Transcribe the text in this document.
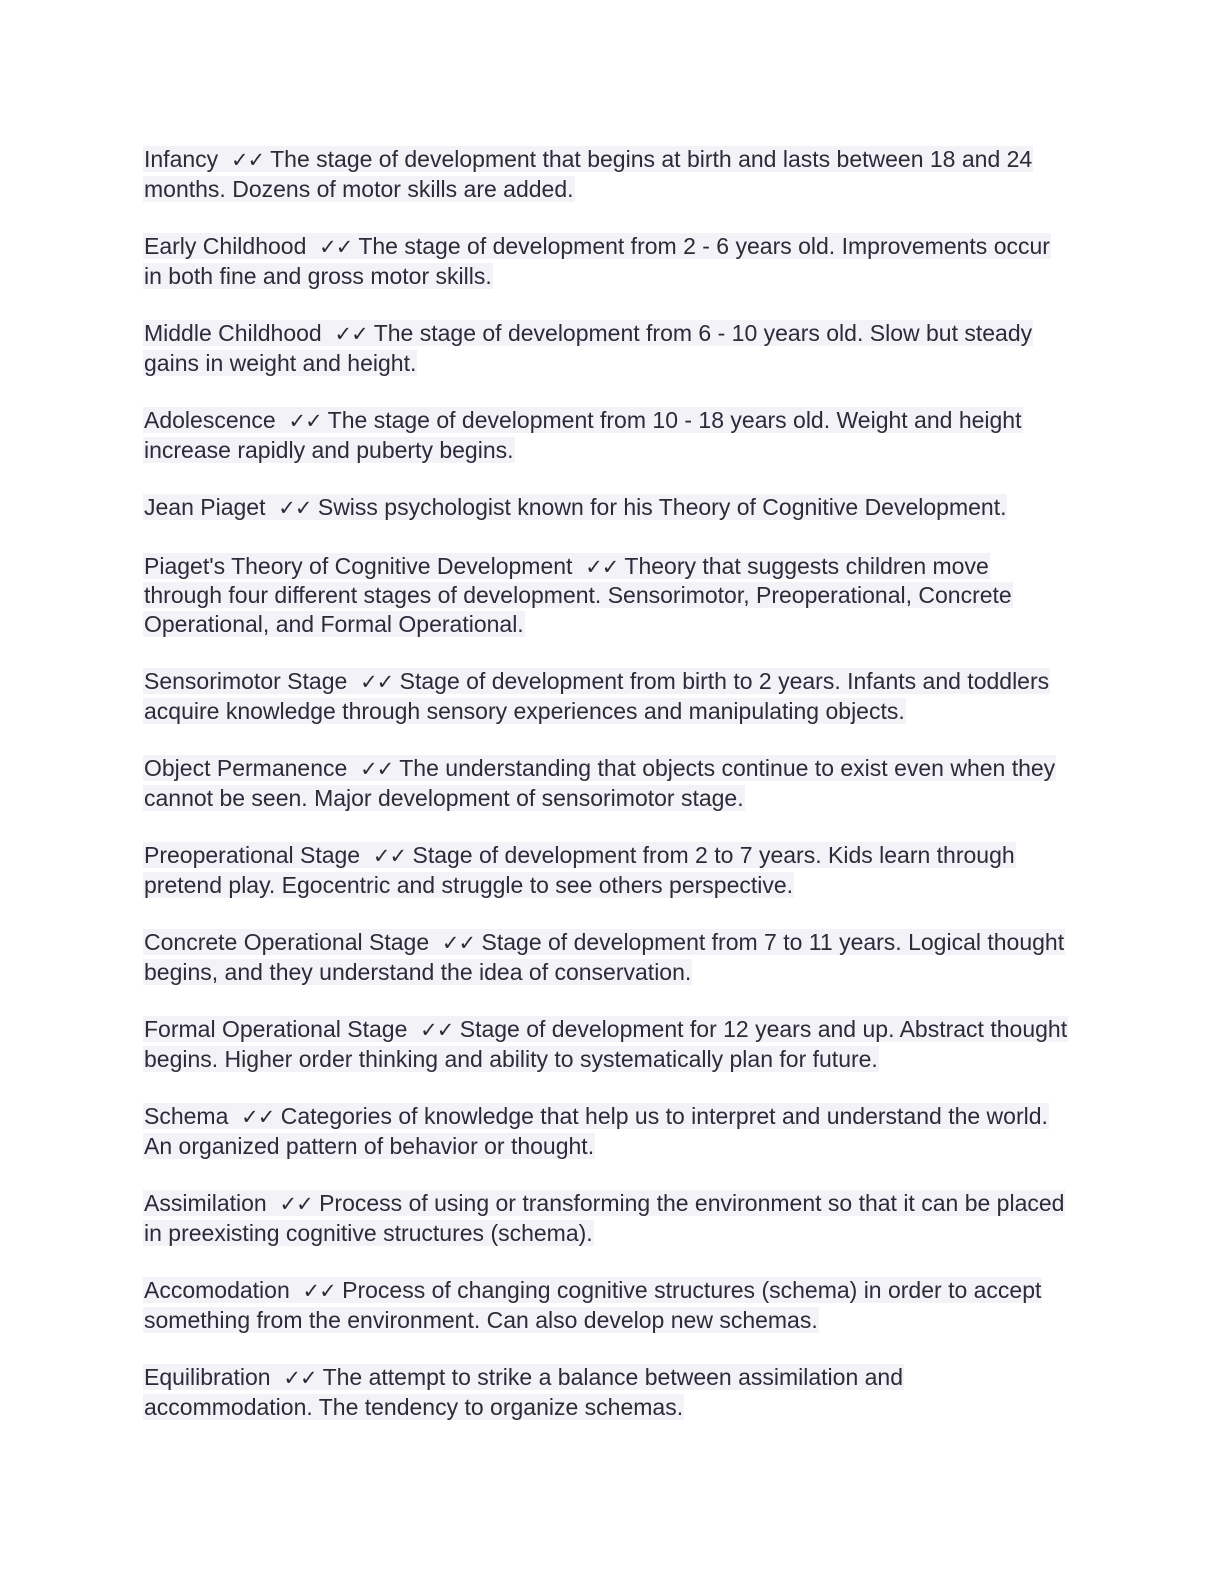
Infancy ✓✓ The stage of development that begins at birth and lasts between 18 and 24 months. Dozens of motor skills are added.
Early Childhood ✓✓ The stage of development from 2 - 6 years old. Improvements occur in both fine and gross motor skills.
Middle Childhood ✓✓ The stage of development from 6 - 10 years old. Slow but steady gains in weight and height.
Adolescence ✓✓ The stage of development from 10 - 18 years old. Weight and height increase rapidly and puberty begins.
Jean Piaget ✓✓ Swiss psychologist known for his Theory of Cognitive Development.
Piaget's Theory of Cognitive Development ✓✓ Theory that suggests children move through four different stages of development. Sensorimotor, Preoperational, Concrete Operational, and Formal Operational.
Sensorimotor Stage ✓✓ Stage of development from birth to 2 years. Infants and toddlers acquire knowledge through sensory experiences and manipulating objects.
Object Permanence ✓✓ The understanding that objects continue to exist even when they cannot be seen. Major development of sensorimotor stage.
Preoperational Stage ✓✓ Stage of development from 2 to 7 years. Kids learn through pretend play. Egocentric and struggle to see others perspective.
Concrete Operational Stage ✓✓ Stage of development from 7 to 11 years. Logical thought begins, and they understand the idea of conservation.
Formal Operational Stage ✓✓ Stage of development for 12 years and up. Abstract thought begins. Higher order thinking and ability to systematically plan for future.
Schema ✓✓ Categories of knowledge that help us to interpret and understand the world. An organized pattern of behavior or thought.
Assimilation ✓✓ Process of using or transforming the environment so that it can be placed in preexisting cognitive structures (schema).
Accomodation ✓✓ Process of changing cognitive structures (schema) in order to accept something from the environment. Can also develop new schemas.
Equilibration ✓✓ The attempt to strike a balance between assimilation and accommodation. The tendency to organize schemas.
